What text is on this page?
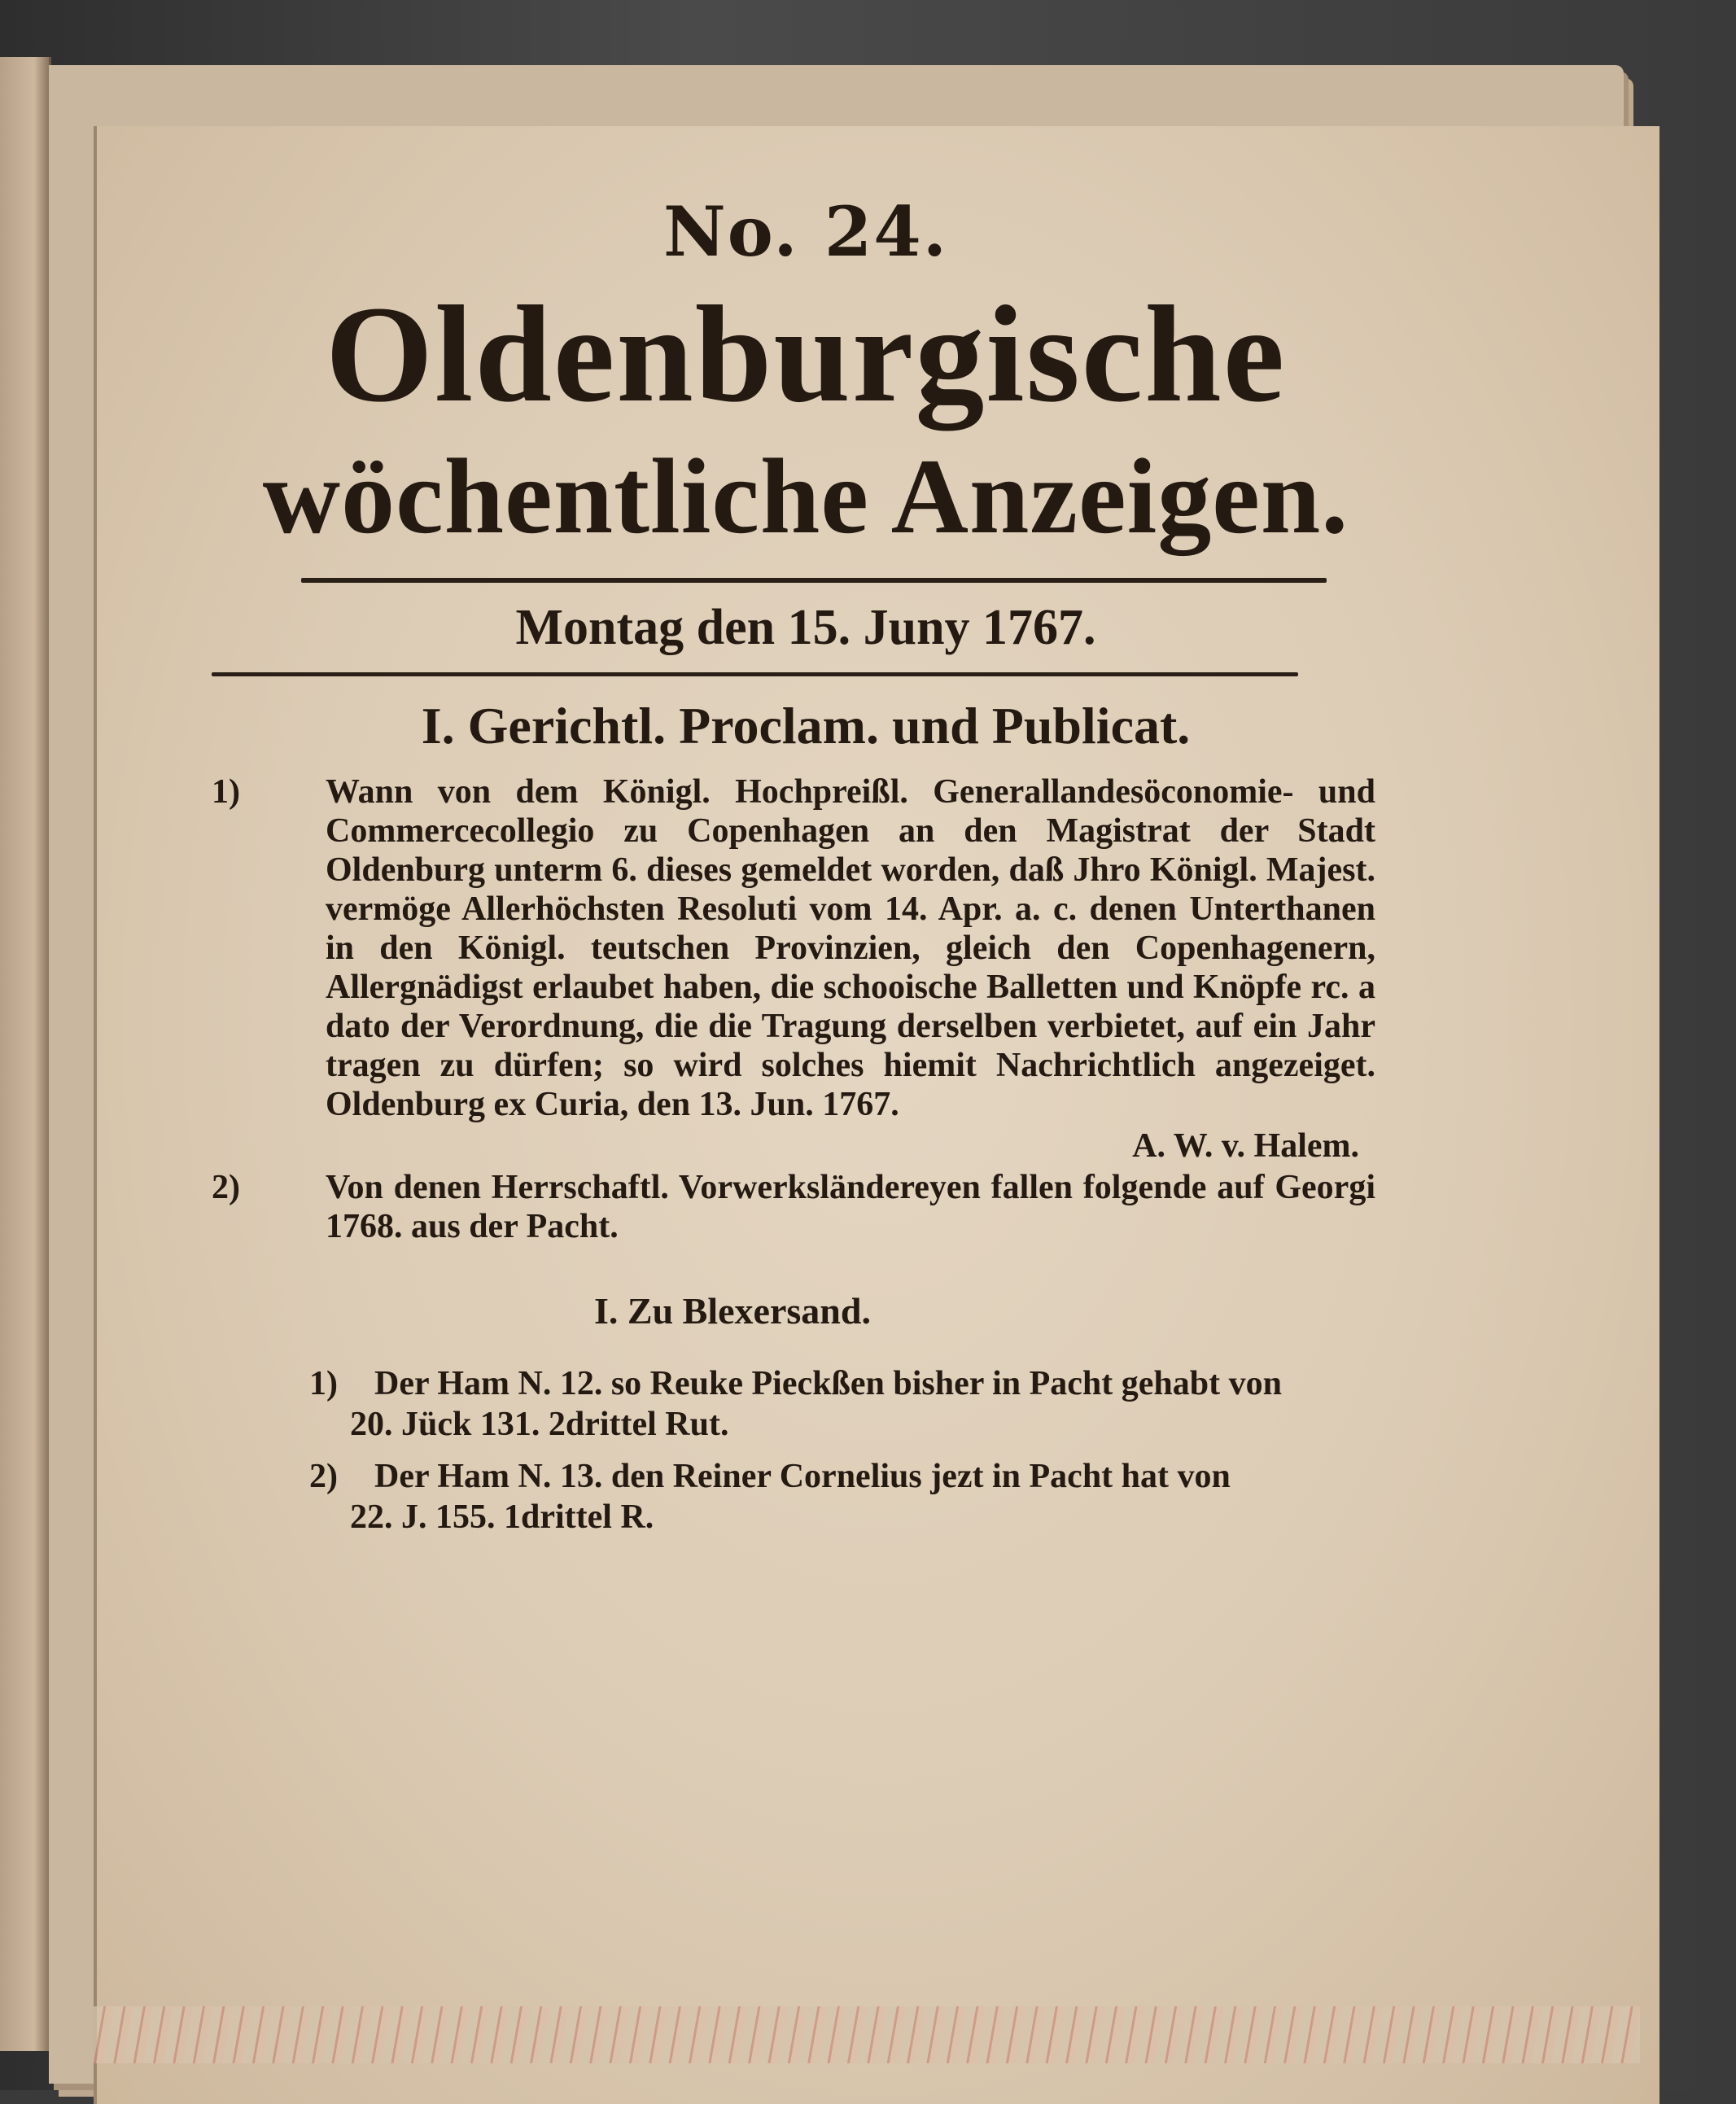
No. 24.
Oldenburgische
wöchentliche Anzeigen.
Montag den 15. Juny 1767.
I. Gerichtl. Proclam. und Publicat.
1)	Wann von dem Königl. Hochpreißl. Generallandesöconomie- und Commercecollegio zu Copenhagen an den Magistrat der Stadt Oldenburg unterm 6. dieses gemeldet worden, daß Jhro Königl. Majest. vermöge Allerhöchsten Resoluti vom 14. Apr. a. c. denen Unterthanen in den Königl. teutschen Provinzien, gleich den Copenhagenern, Allergnädigst erlaubet haben, die schooische Balletten und Knöpfe rc. a dato der Verordnung, die die Tragung derselben verbietet, auf ein Jahr tragen zu dürfen; so wird solches hiemit Nachrichtlich angezeiget. Oldenburg ex Curia, den 13. Jun. 1767.
A. W. v. Halem.
2)	Von denen Herrschaftl. Vorwerksländereyen fallen folgende auf Georgi 1768. aus der Pacht.
I. Zu Blexersand.
1) Der Ham N. 12. so Reuke Pieckßen bisher in Pacht gehabt von
20. Jück 131. 2drittel Rut.
2) Der Ham N. 13. den Reiner Cornelius jezt in Pacht hat von
22. J. 155. 1drittel R.
